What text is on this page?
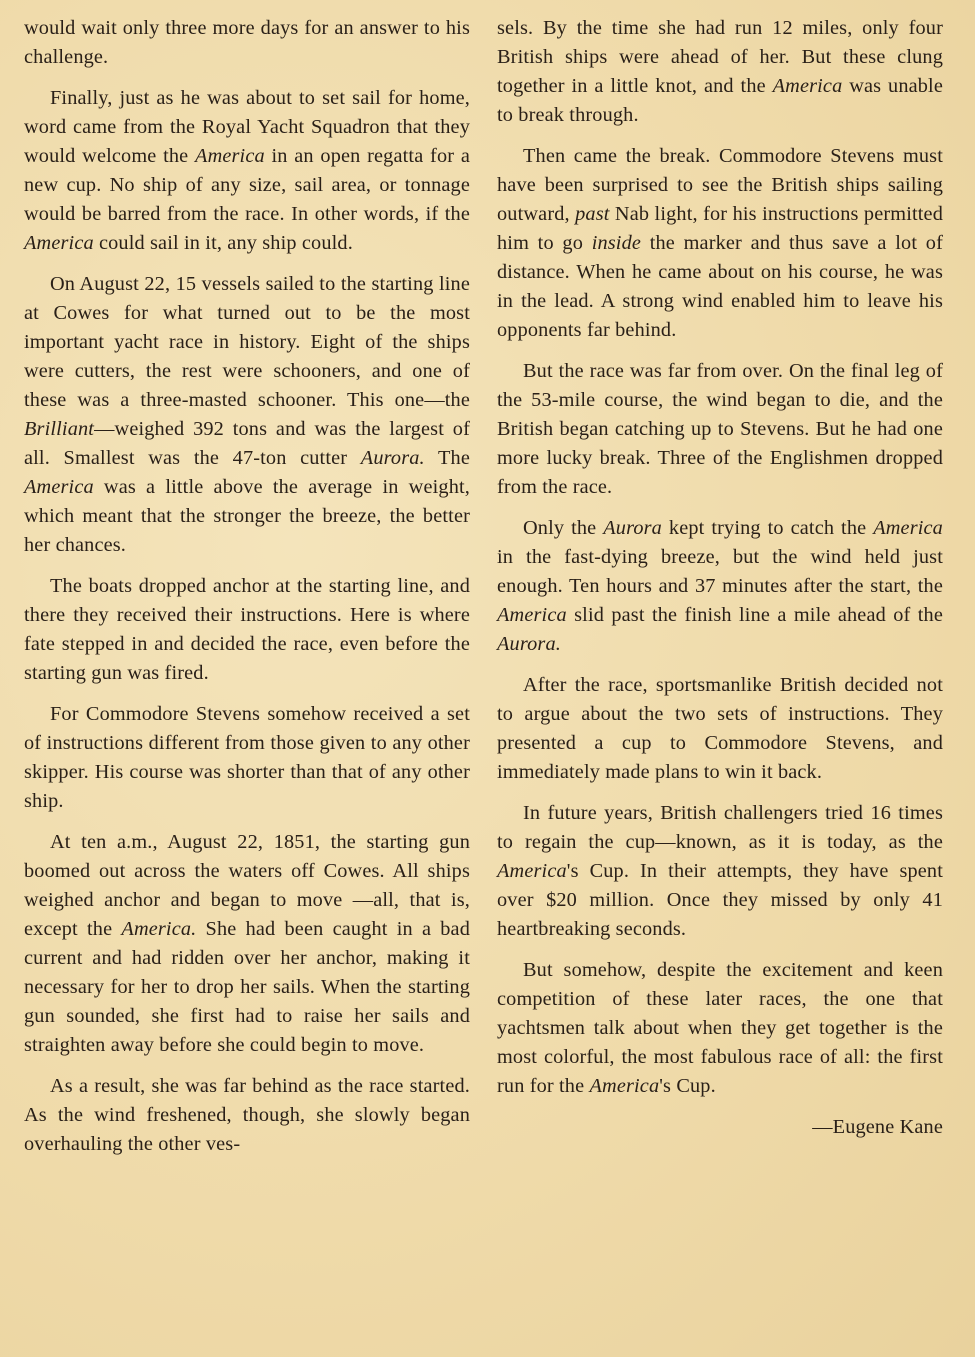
would wait only three more days for an answer to his challenge.

Finally, just as he was about to set sail for home, word came from the Royal Yacht Squadron that they would welcome the America in an open regatta for a new cup. No ship of any size, sail area, or tonnage would be barred from the race. In other words, if the America could sail in it, any ship could.

On August 22, 15 vessels sailed to the starting line at Cowes for what turned out to be the most important yacht race in history. Eight of the ships were cutters, the rest were schooners, and one of these was a three-masted schooner. This one—the Brilliant—weighed 392 tons and was the largest of all. Smallest was the 47-ton cutter Aurora. The America was a little above the average in weight, which meant that the stronger the breeze, the better her chances.

The boats dropped anchor at the starting line, and there they received their instructions. Here is where fate stepped in and decided the race, even before the starting gun was fired.

For Commodore Stevens somehow received a set of instructions different from those given to any other skipper. His course was shorter than that of any other ship.

At ten a.m., August 22, 1851, the starting gun boomed out across the waters off Cowes. All ships weighed anchor and began to move —all, that is, except the America. She had been caught in a bad current and had ridden over her anchor, making it necessary for her to drop her sails. When the starting gun sounded, she first had to raise her sails and straighten away before she could begin to move.

As a result, she was far behind as the race started. As the wind freshened, though, she slowly began overhauling the other ves-

sels. By the time she had run 12 miles, only four British ships were ahead of her. But these clung together in a little knot, and the America was unable to break through.

Then came the break. Commodore Stevens must have been surprised to see the British ships sailing outward, past Nab light, for his instructions permitted him to go inside the marker and thus save a lot of distance. When he came about on his course, he was in the lead. A strong wind enabled him to leave his opponents far behind.

But the race was far from over. On the final leg of the 53-mile course, the wind began to die, and the British began catching up to Stevens. But he had one more lucky break. Three of the Englishmen dropped from the race.

Only the Aurora kept trying to catch the America in the fast-dying breeze, but the wind held just enough. Ten hours and 37 minutes after the start, the America slid past the finish line a mile ahead of the Aurora.

After the race, sportsmanlike British decided not to argue about the two sets of instructions. They presented a cup to Commodore Stevens, and immediately made plans to win it back.

In future years, British challengers tried 16 times to regain the cup—known, as it is today, as the America's Cup. In their attempts, they have spent over $20 million. Once they missed by only 41 heartbreaking seconds.

But somehow, despite the excitement and keen competition of these later races, the one that yachtsmen talk about when they get together is the most colorful, the most fabulous race of all: the first run for the America's Cup.

—Eugene Kane
